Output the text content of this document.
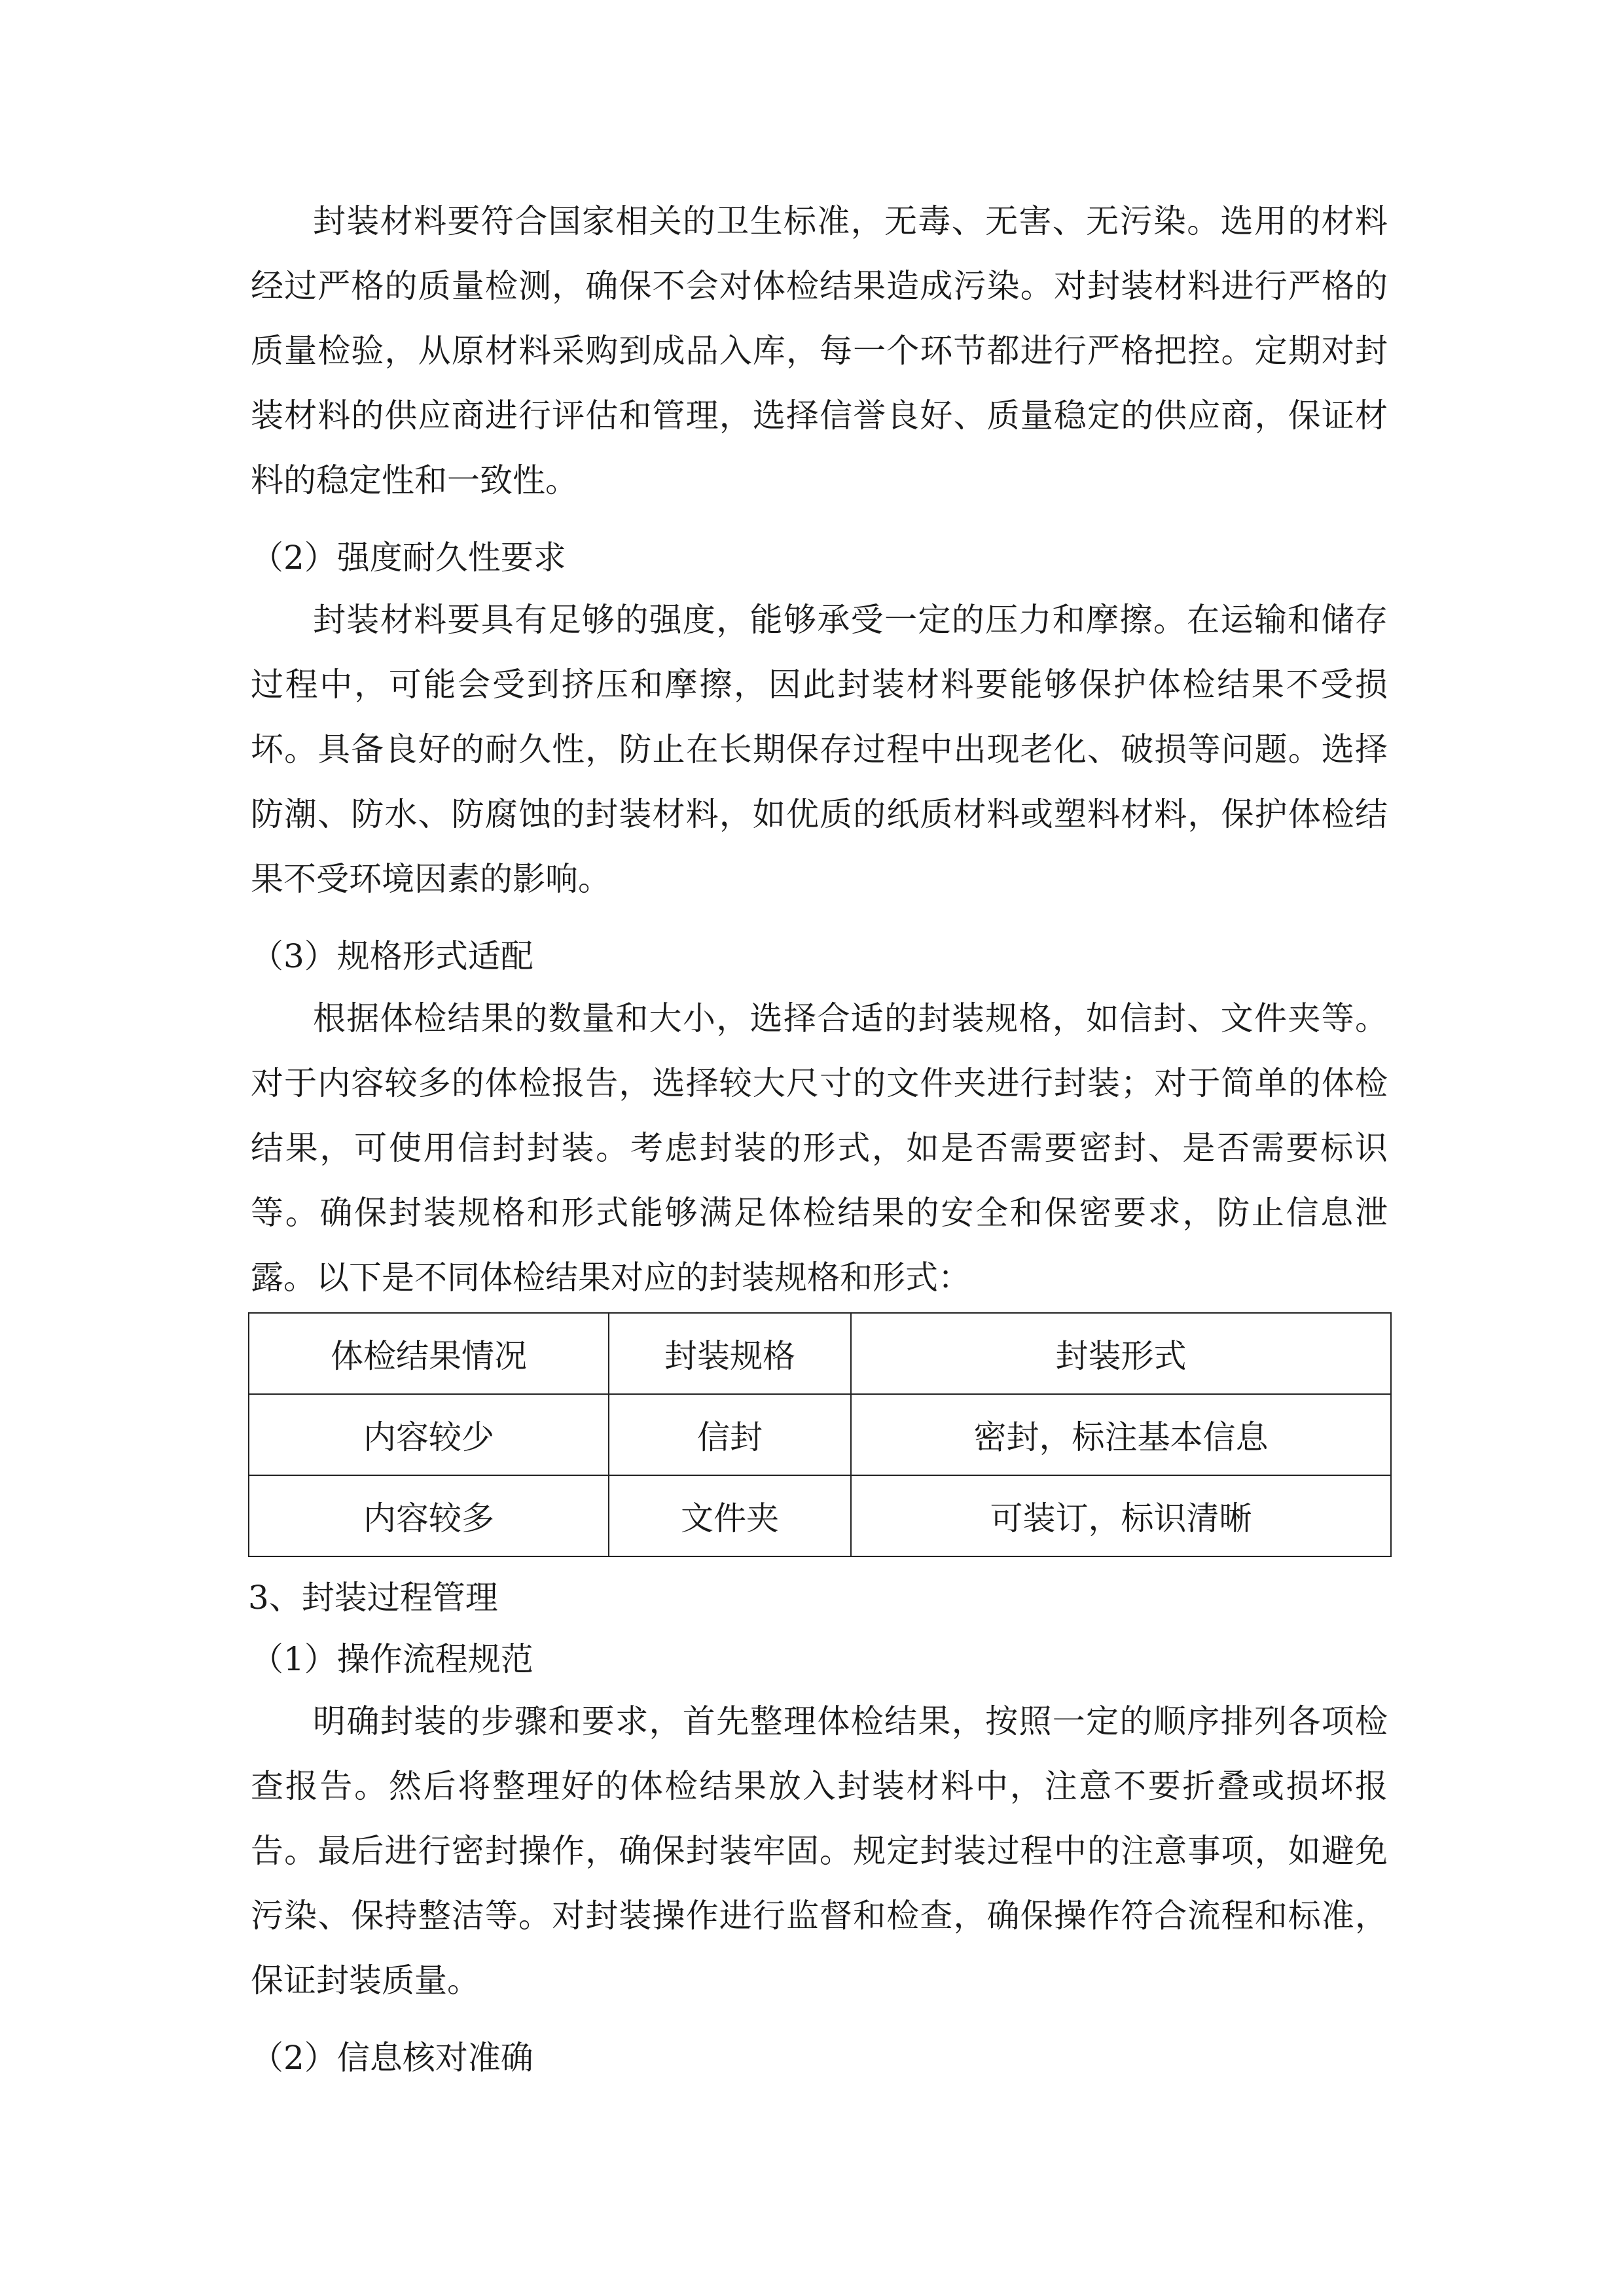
封装材料要符合国家相关的卫生标准，无毒、无害、无污染。选用的材料
经过严格的质量检测，确保不会对体检结果造成污染。对封装材料进行严格的
质量检验，从原材料采购到成品入库，每一个环节都进行严格把控。定期对封
装材料的供应商进行评估和管理，选择信誉良好、质量稳定的供应商，保证材
料的稳定性和一致性。
（2）强度耐久性要求
封装材料要具有足够的强度，能够承受一定的压力和摩擦。在运输和储存
过程中，可能会受到挤压和摩擦，因此封装材料要能够保护体检结果不受损
坏。具备良好的耐久性，防止在长期保存过程中出现老化、破损等问题。选择
防潮、防水、防腐蚀的封装材料，如优质的纸质材料或塑料材料，保护体检结
果不受环境因素的影响。
（3）规格形式适配
根据体检结果的数量和大小，选择合适的封装规格，如信封、文件夹等。
对于内容较多的体检报告，选择较大尺寸的文件夹进行封装；对于简单的体检
结果，可使用信封封装。考虑封装的形式，如是否需要密封、是否需要标识
等。确保封装规格和形式能够满足体检结果的安全和保密要求，防止信息泄
露。以下是不同体检结果对应的封装规格和形式：
体检结果情况	封装规格	封装形式
内容较少	信封	密封，标注基本信息
内容较多	文件夹	可装订，标识清晰
3、封装过程管理
（1）操作流程规范
明确封装的步骤和要求，首先整理体检结果，按照一定的顺序排列各项检
查报告。然后将整理好的体检结果放入封装材料中，注意不要折叠或损坏报
告。最后进行密封操作，确保封装牢固。规定封装过程中的注意事项，如避免
污染、保持整洁等。对封装操作进行监督和检查，确保操作符合流程和标准，
保证封装质量。
（2）信息核对准确
